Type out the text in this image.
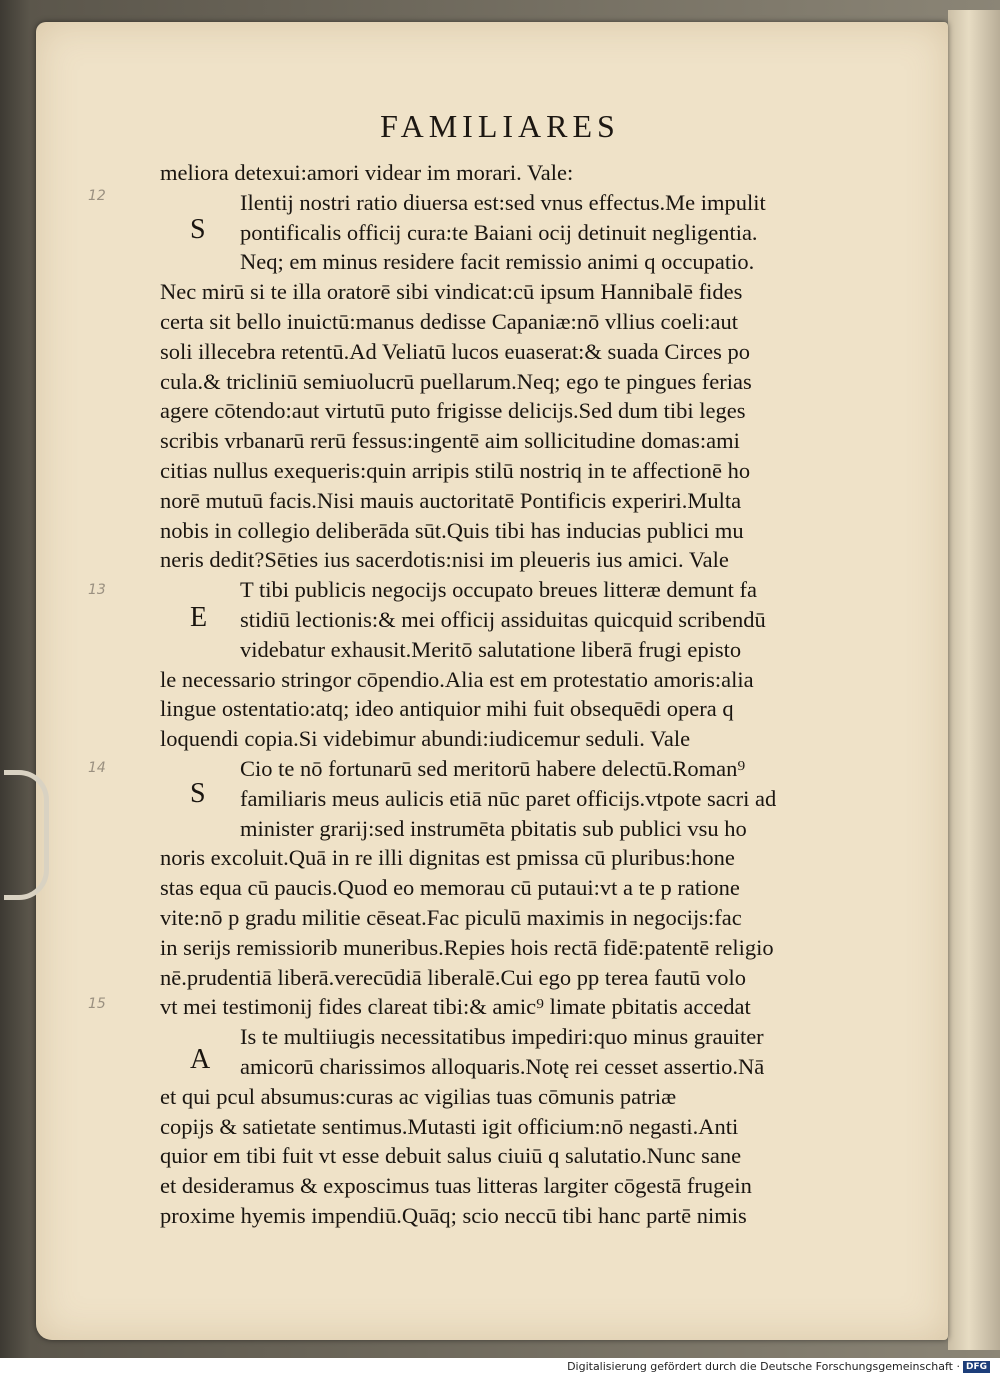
FAMILIARES
12
13
14
15
S
E
S
A
meliora detexui:amori videar im morari. Vale:
Ilentij nostri ratio diuersa est:sed vnus effectus.Me impulit
pontificalis officij cura:te Baiani ocij detinuit negligentia.
Neq; em minus residere facit remissio animi q occupatio.
Nec mirū si te illa oratorē sibi vindicat:cū ipsum Hannibalē fides
certa sit bello inuictū:manus dedisse Capaniæ:nō vllius coeli:aut
soli illecebra retentū.Ad Veliatū lucos euaserat:& suada Circes po
cula.& tricliniū semiuolucrū puellarum.Neq; ego te pingues ferias
agere cōtendo:aut virtutū puto frigisse delicijs.Sed dum tibi leges
scribis vrbanarū rerū fessus:ingentē aim sollicitudine domas:ami
citias nullus exequeris:quin arripis stilū nostriq in te affectionē ho
norē mutuū facis.Nisi mauis auctoritatē Pontificis experiri.Multa
nobis in collegio deliberāda sūt.Quis tibi has inducias publici mu
neris dedit?Sēties ius sacerdotis:nisi im pleueris ius amici. Vale
T tibi publicis negocijs occupato breues litteræ demunt fa
stidiū lectionis:& mei officij assiduitas quicquid scribendū
videbatur exhausit.Meritō salutatione liberā frugi episto
le necessario stringor cōpendio.Alia est em protestatio amoris:alia
lingue ostentatio:atq; ideo antiquior mihi fuit obsequēdi opera q
loquendi copia.Si videbimur abundi:iudicemur seduli. Vale
Cio te nō fortunarū sed meritorū habere delectū.Roman⁹
familiaris meus aulicis etiā nūc paret officijs.vtpote sacri ad
minister grarij:sed instrumēta pbitatis sub publici vsu ho
noris excoluit.Quā in re illi dignitas est pmissa cū pluribus:hone
stas equa cū paucis.Quod eo memorau cū putaui:vt a te p ratione
vite:nō p gradu militie cēseat.Fac piculū maximis in negocijs:fac
in serijs remissiorib muneribus.Repies hois rectā fidē:patentē religio
nē.prudentiā liberā.verecūdiā liberalē.Cui ego pp terea fautū volo
vt mei testimonij fides clareat tibi:& amic⁹ limate pbitatis accedat
Is te multiiugis necessitatibus impediri:quo minus grauiter
amicorū charissimos alloquaris.Notę rei cesset assertio.Nā
et qui pcul absumus:curas ac vigilias tuas cōmunis patriæ
copijs & satietate sentimus.Mutasti igit officium:nō negasti.Anti
quior em tibi fuit vt esse debuit salus ciuiū q salutatio.Nunc sane
et desideramus & exposcimus tuas litteras largiter cōgestā frugein
proxime hyemis impendiū.Quāq; scio neccū tibi hanc partē nimis
Digitalisierung gefördert durch die Deutsche Forschungsgemeinschaft · DFG
